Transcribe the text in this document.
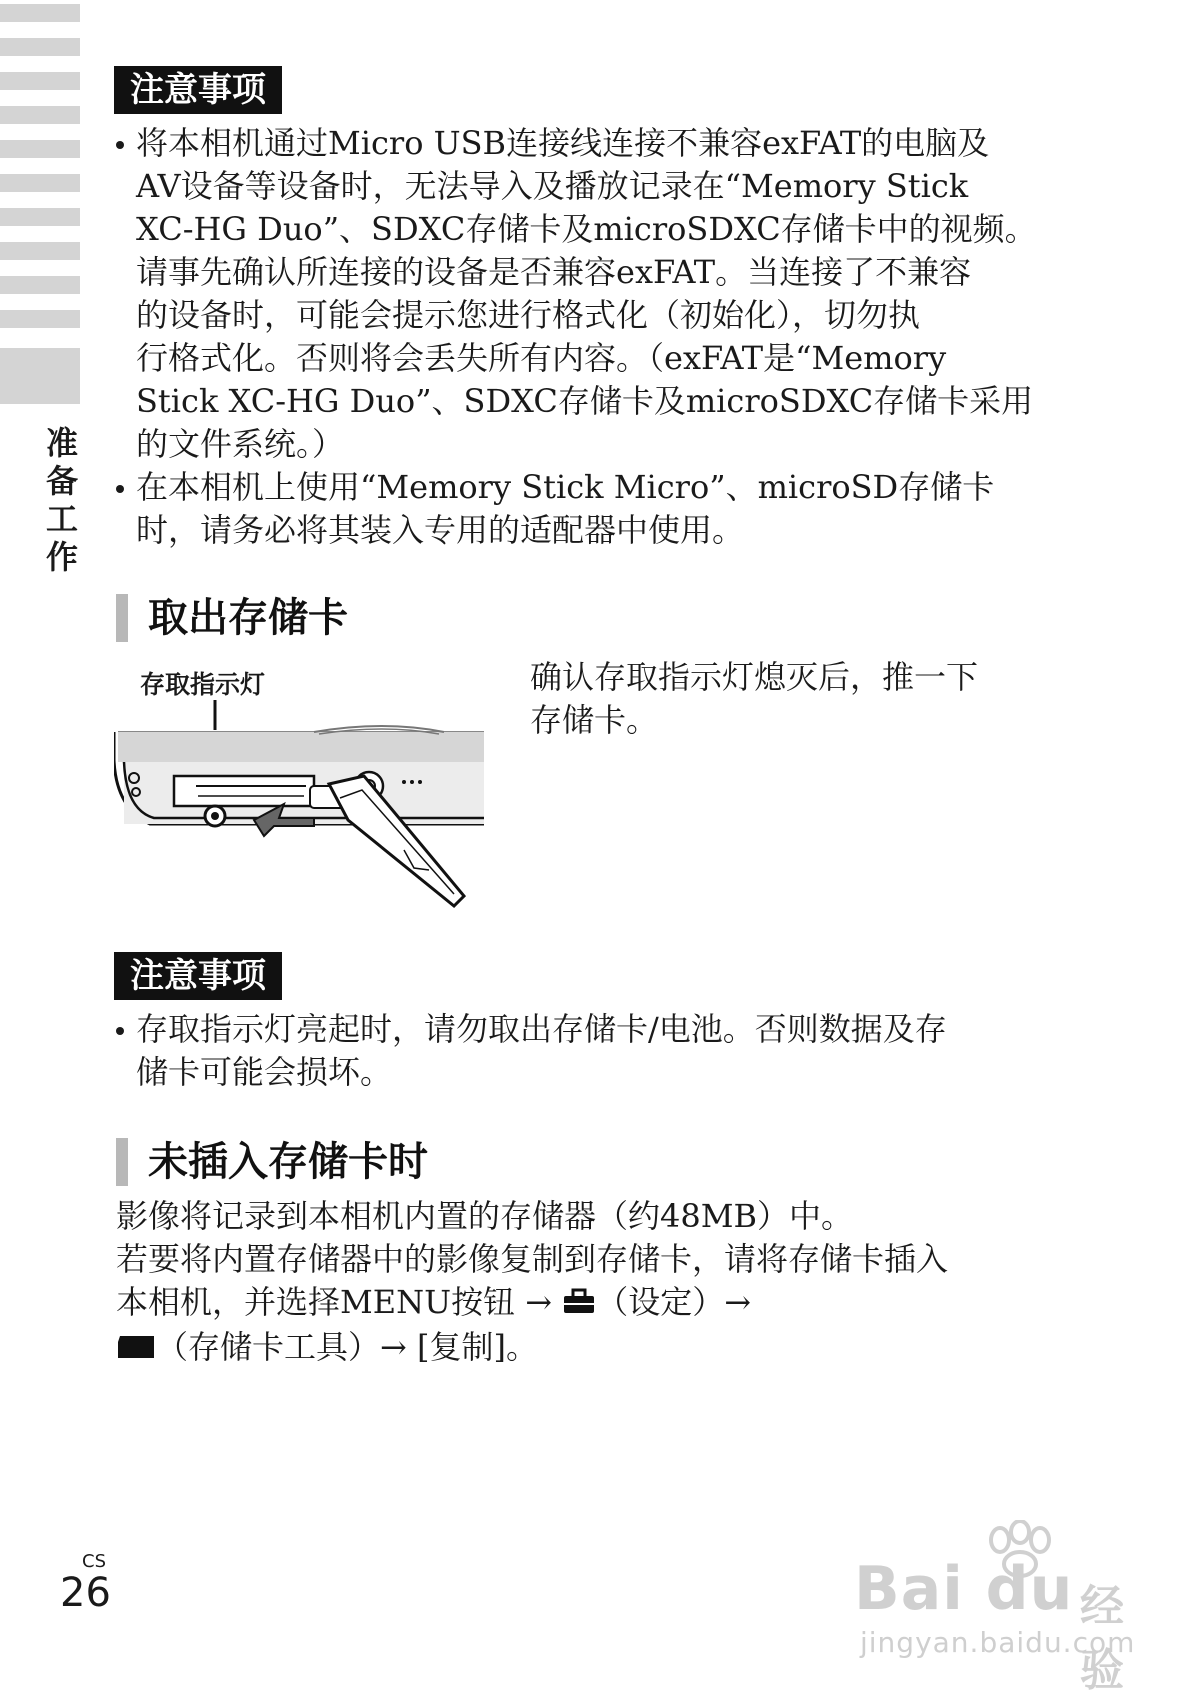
准
备
工
作
注意事项

将本相机通过Micro USB连接线连接不兼容exFAT的电脑及

AV设备等设备时，无法导入及播放记录在“Memory Stick

XC-HG Duo”、SDXC存储卡及microSDXC存储卡中的视频。

请事先确认所连接的设备是否兼容exFAT。当连接了不兼容

的设备时，可能会提示您进行格式化（初始化），切勿执

行格式化。否则将会丢失所有内容。（exFAT是“Memory

Stick XC-HG Duo”、SDXC存储卡及microSDXC存储卡采用

的文件系统。）

在本相机上使用“Memory Stick Micro”、microSD存储卡

时，请务必将其装入专用的适配器中使用。

取出存储卡
存取指示灯	确认存取指示灯熄灭后，推一下

存储卡。

注意事项

存取指示灯亮起时，请勿取出存储卡/电池。否则数据及存

储卡可能会损坏。

未插入存储卡时

影像将记录到本相机内置的存储器（约48MB）中。

若要将内置存储器中的影像复制到存储卡，请将存储卡插入

本相机，并选择MENU按钮 → （设定）→

（存储卡工具）→ [复制]。

CS
26	Bai du 经验
jingyan.baidu.com
